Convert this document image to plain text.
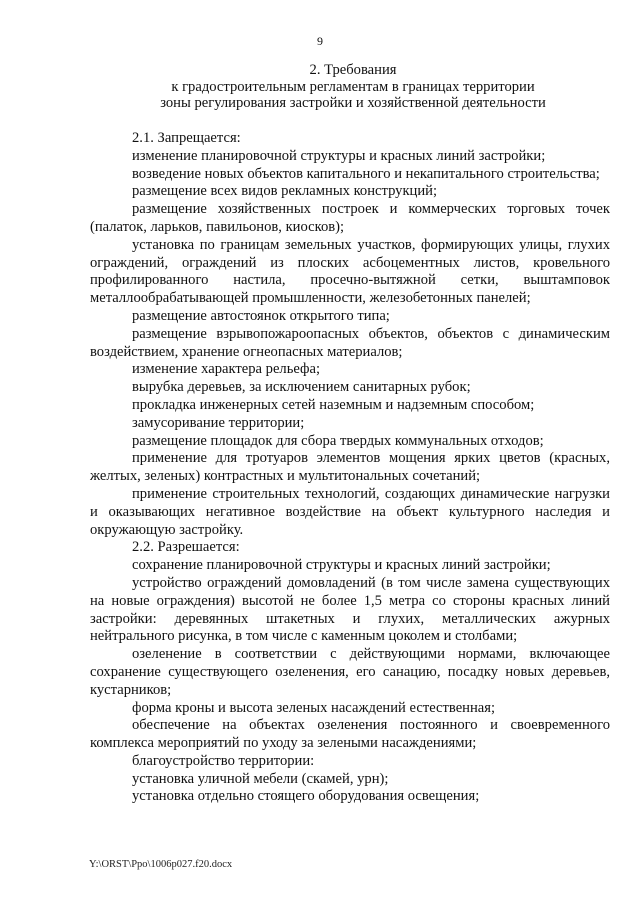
9
2. Требования
к градостроительным регламентам в границах территории
зоны регулирования застройки и хозяйственной деятельности

2.1. Запрещается:

изменение планировочной структуры и красных линий застройки;

возведение новых объектов капитального и некапитального строительства;

размещение всех видов рекламных конструкций;

размещение хозяйственных построек и коммерческих торговых точек (палаток, ларьков, павильонов, киосков);

установка по границам земельных участков, формирующих улицы, глухих ограждений, ограждений из плоских асбоцементных листов, кровельного профилированного настила, просечно-вытяжной сетки, выштамповок металлообрабатывающей промышленности, железобетонных панелей;

размещение автостоянок открытого типа;

размещение взрывопожароопасных объектов, объектов с динамическим воздействием, хранение огнеопасных материалов;

изменение характера рельефа;

вырубка деревьев, за исключением санитарных рубок;

прокладка инженерных сетей наземным и надземным способом;

замусоривание территории;

размещение площадок для сбора твердых коммунальных отходов;

применение для тротуаров элементов мощения ярких цветов (красных, желтых, зеленых) контрастных и мультитональных сочетаний;

применение строительных технологий, создающих динамические нагрузки и оказывающих негативное воздействие на объект культурного наследия и окружающую застройку.

2.2. Разрешается:

сохранение планировочной структуры и красных линий застройки;

устройство ограждений домовладений (в том числе замена существующих на новые ограждения) высотой не более 1,5 метра со стороны красных линий застройки: деревянных штакетных и глухих, металлических ажурных нейтрального рисунка, в том числе с каменным цоколем и столбами;

озеленение в соответствии с действующими нормами, включающее сохранение существующего озеленения, его санацию, посадку новых деревьев, кустарников;

форма кроны и высота зеленых насаждений естественная;

обеспечение на объектах озеленения постоянного и своевременного комплекса мероприятий по уходу за зелеными насаждениями;

благоустройство территории:

установка уличной мебели (скамей, урн);

установка отдельно стоящего оборудования освещения;

Y:\ORST\Ppo\1006p027.f20.docx
